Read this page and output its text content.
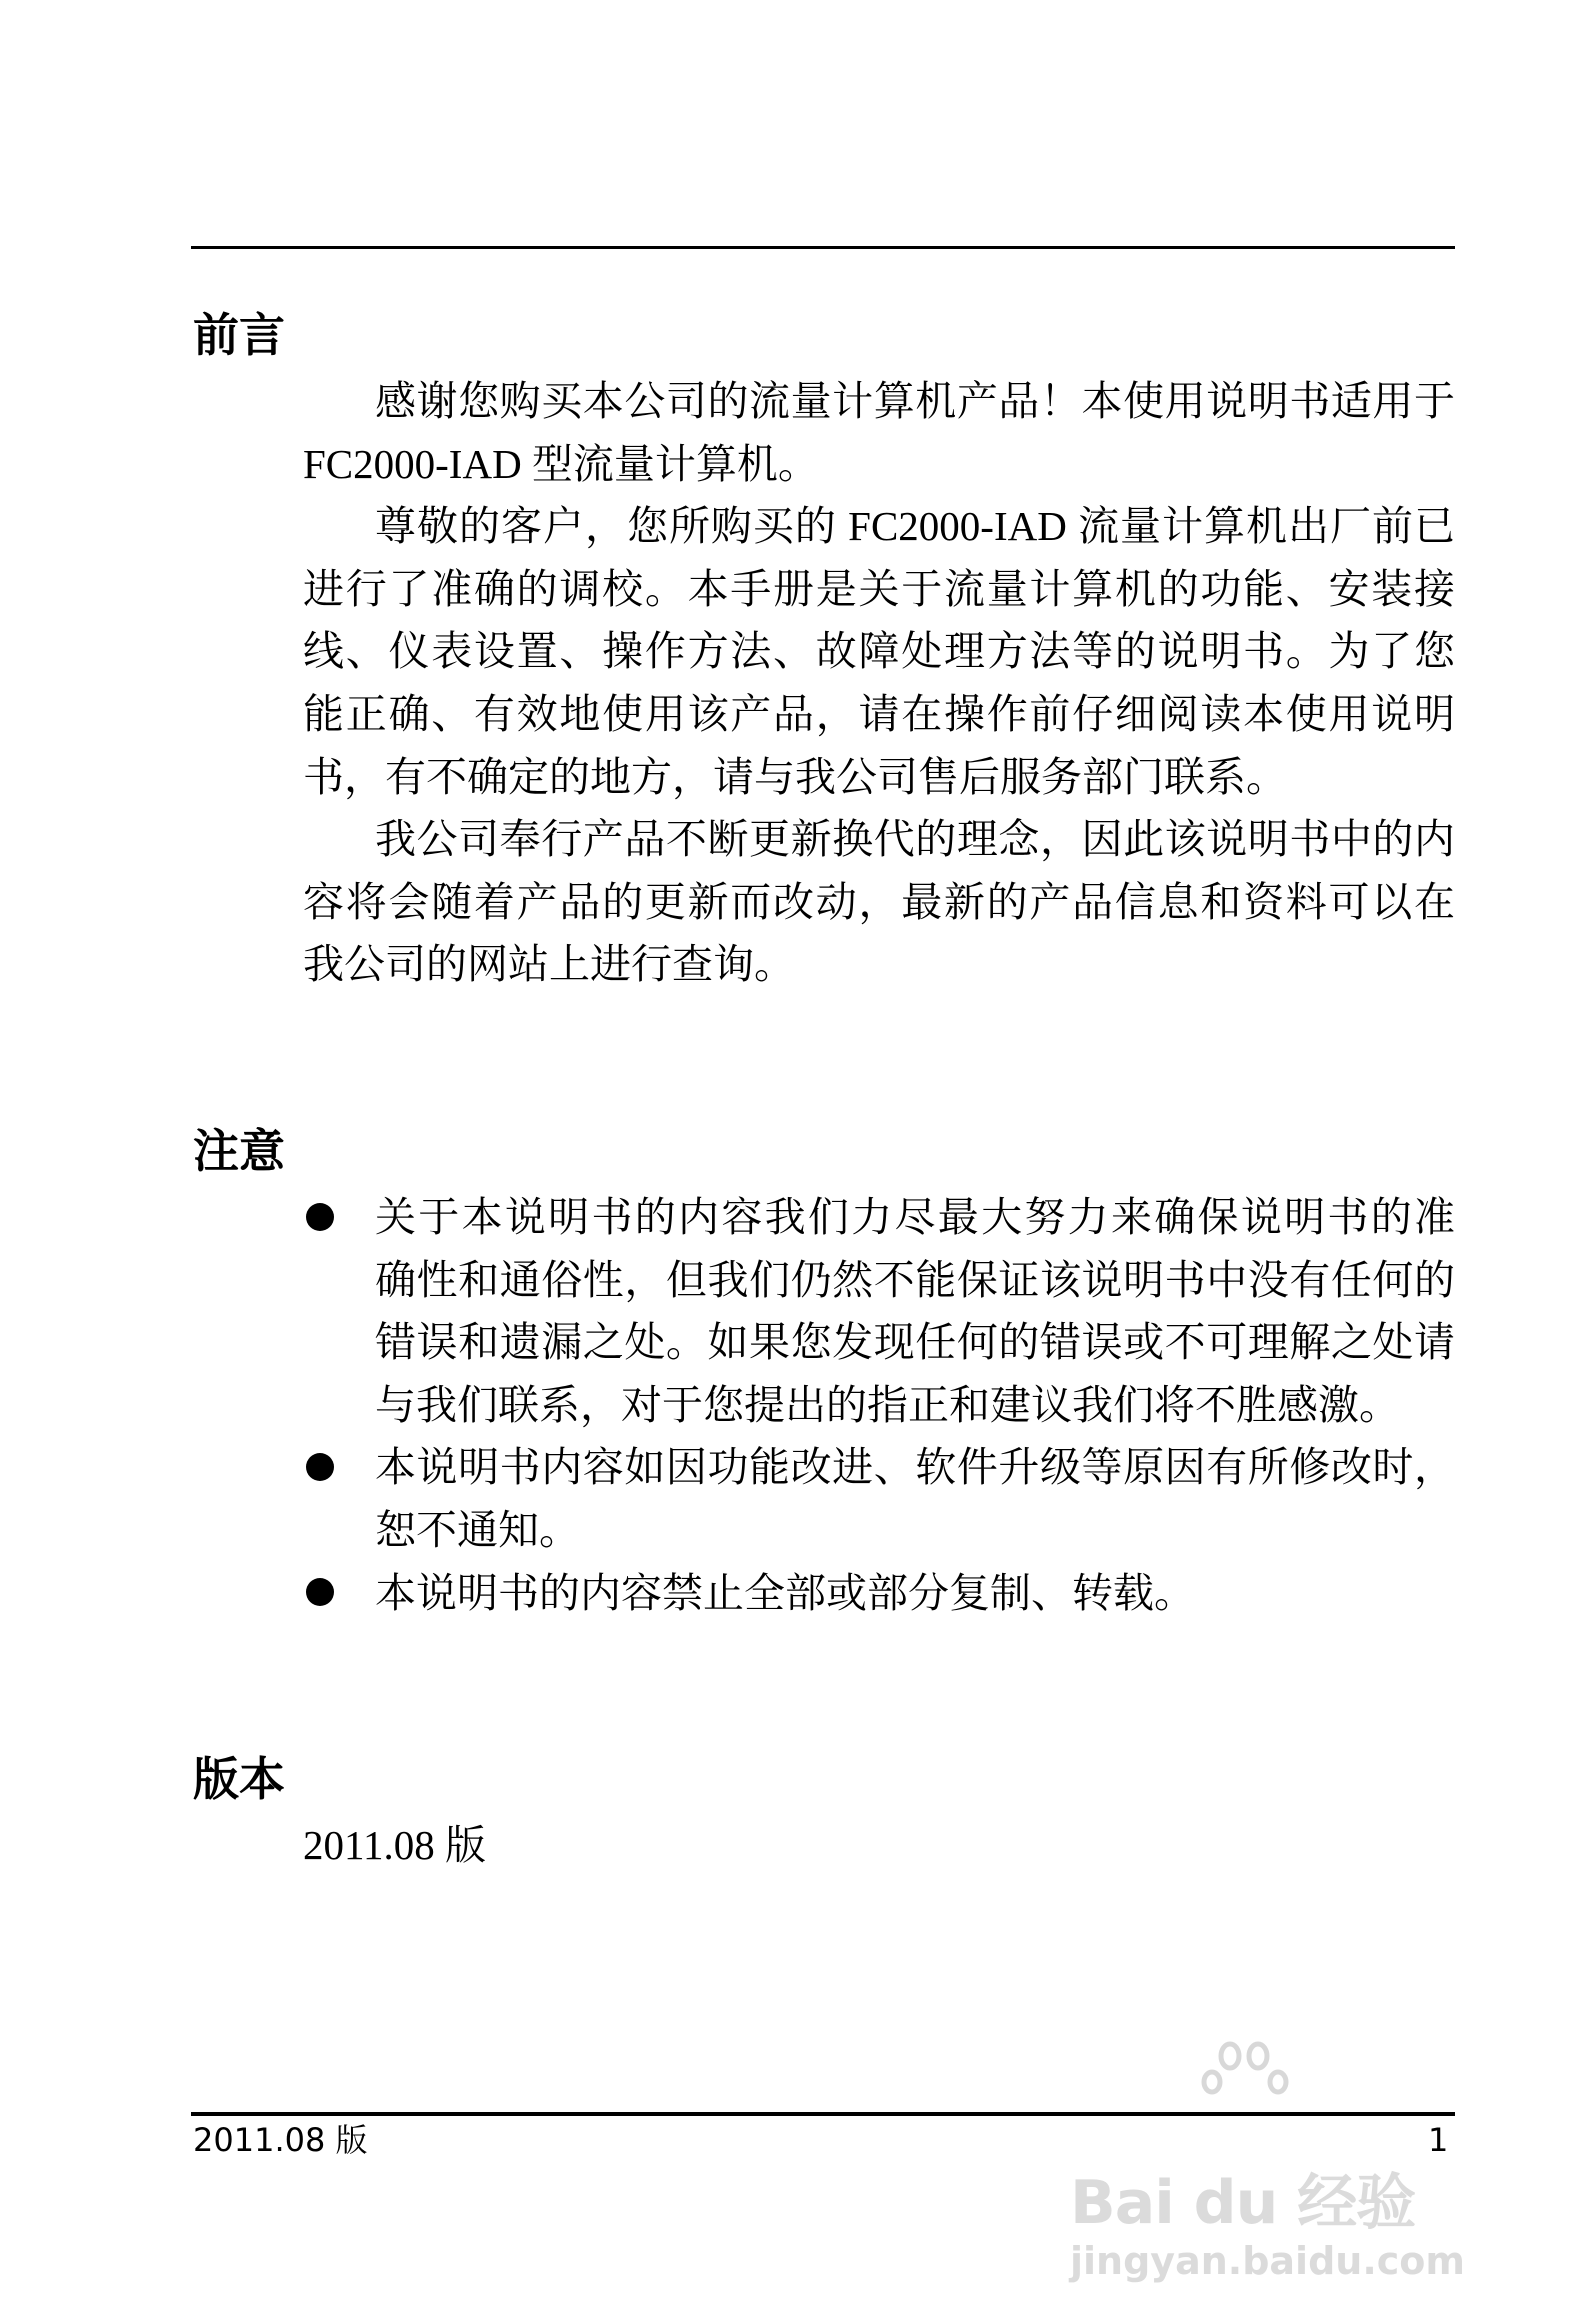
前言
感谢您购买本公司的流量计算机产品！本使用说明书适用于
FC2000-IAD 型流量计算机。
尊敬的客户，您所购买的 FC2000-IAD 流量计算机出厂前已
进行了准确的调校。本手册是关于流量计算机的功能、安装接
线、仪表设置、操作方法、故障处理方法等的说明书。为了您
能正确、有效地使用该产品，请在操作前仔细阅读本使用说明
书，有不确定的地方，请与我公司售后服务部门联系。
我公司奉行产品不断更新换代的理念，因此该说明书中的内
容将会随着产品的更新而改动，最新的产品信息和资料可以在
我公司的网站上进行查询。
注意
关于本说明书的内容我们力尽最大努力来确保说明书的准
确性和通俗性，但我们仍然不能保证该说明书中没有任何的
错误和遗漏之处。如果您发现任何的错误或不可理解之处请
与我们联系，对于您提出的指正和建议我们将不胜感激。
本说明书内容如因功能改进、软件升级等原因有所修改时，
恕不通知。
本说明书的内容禁止全部或部分复制、转载。
版本
2011.08 版
2011.08 版	1
Bai du 经验
jingyan.baidu.com
